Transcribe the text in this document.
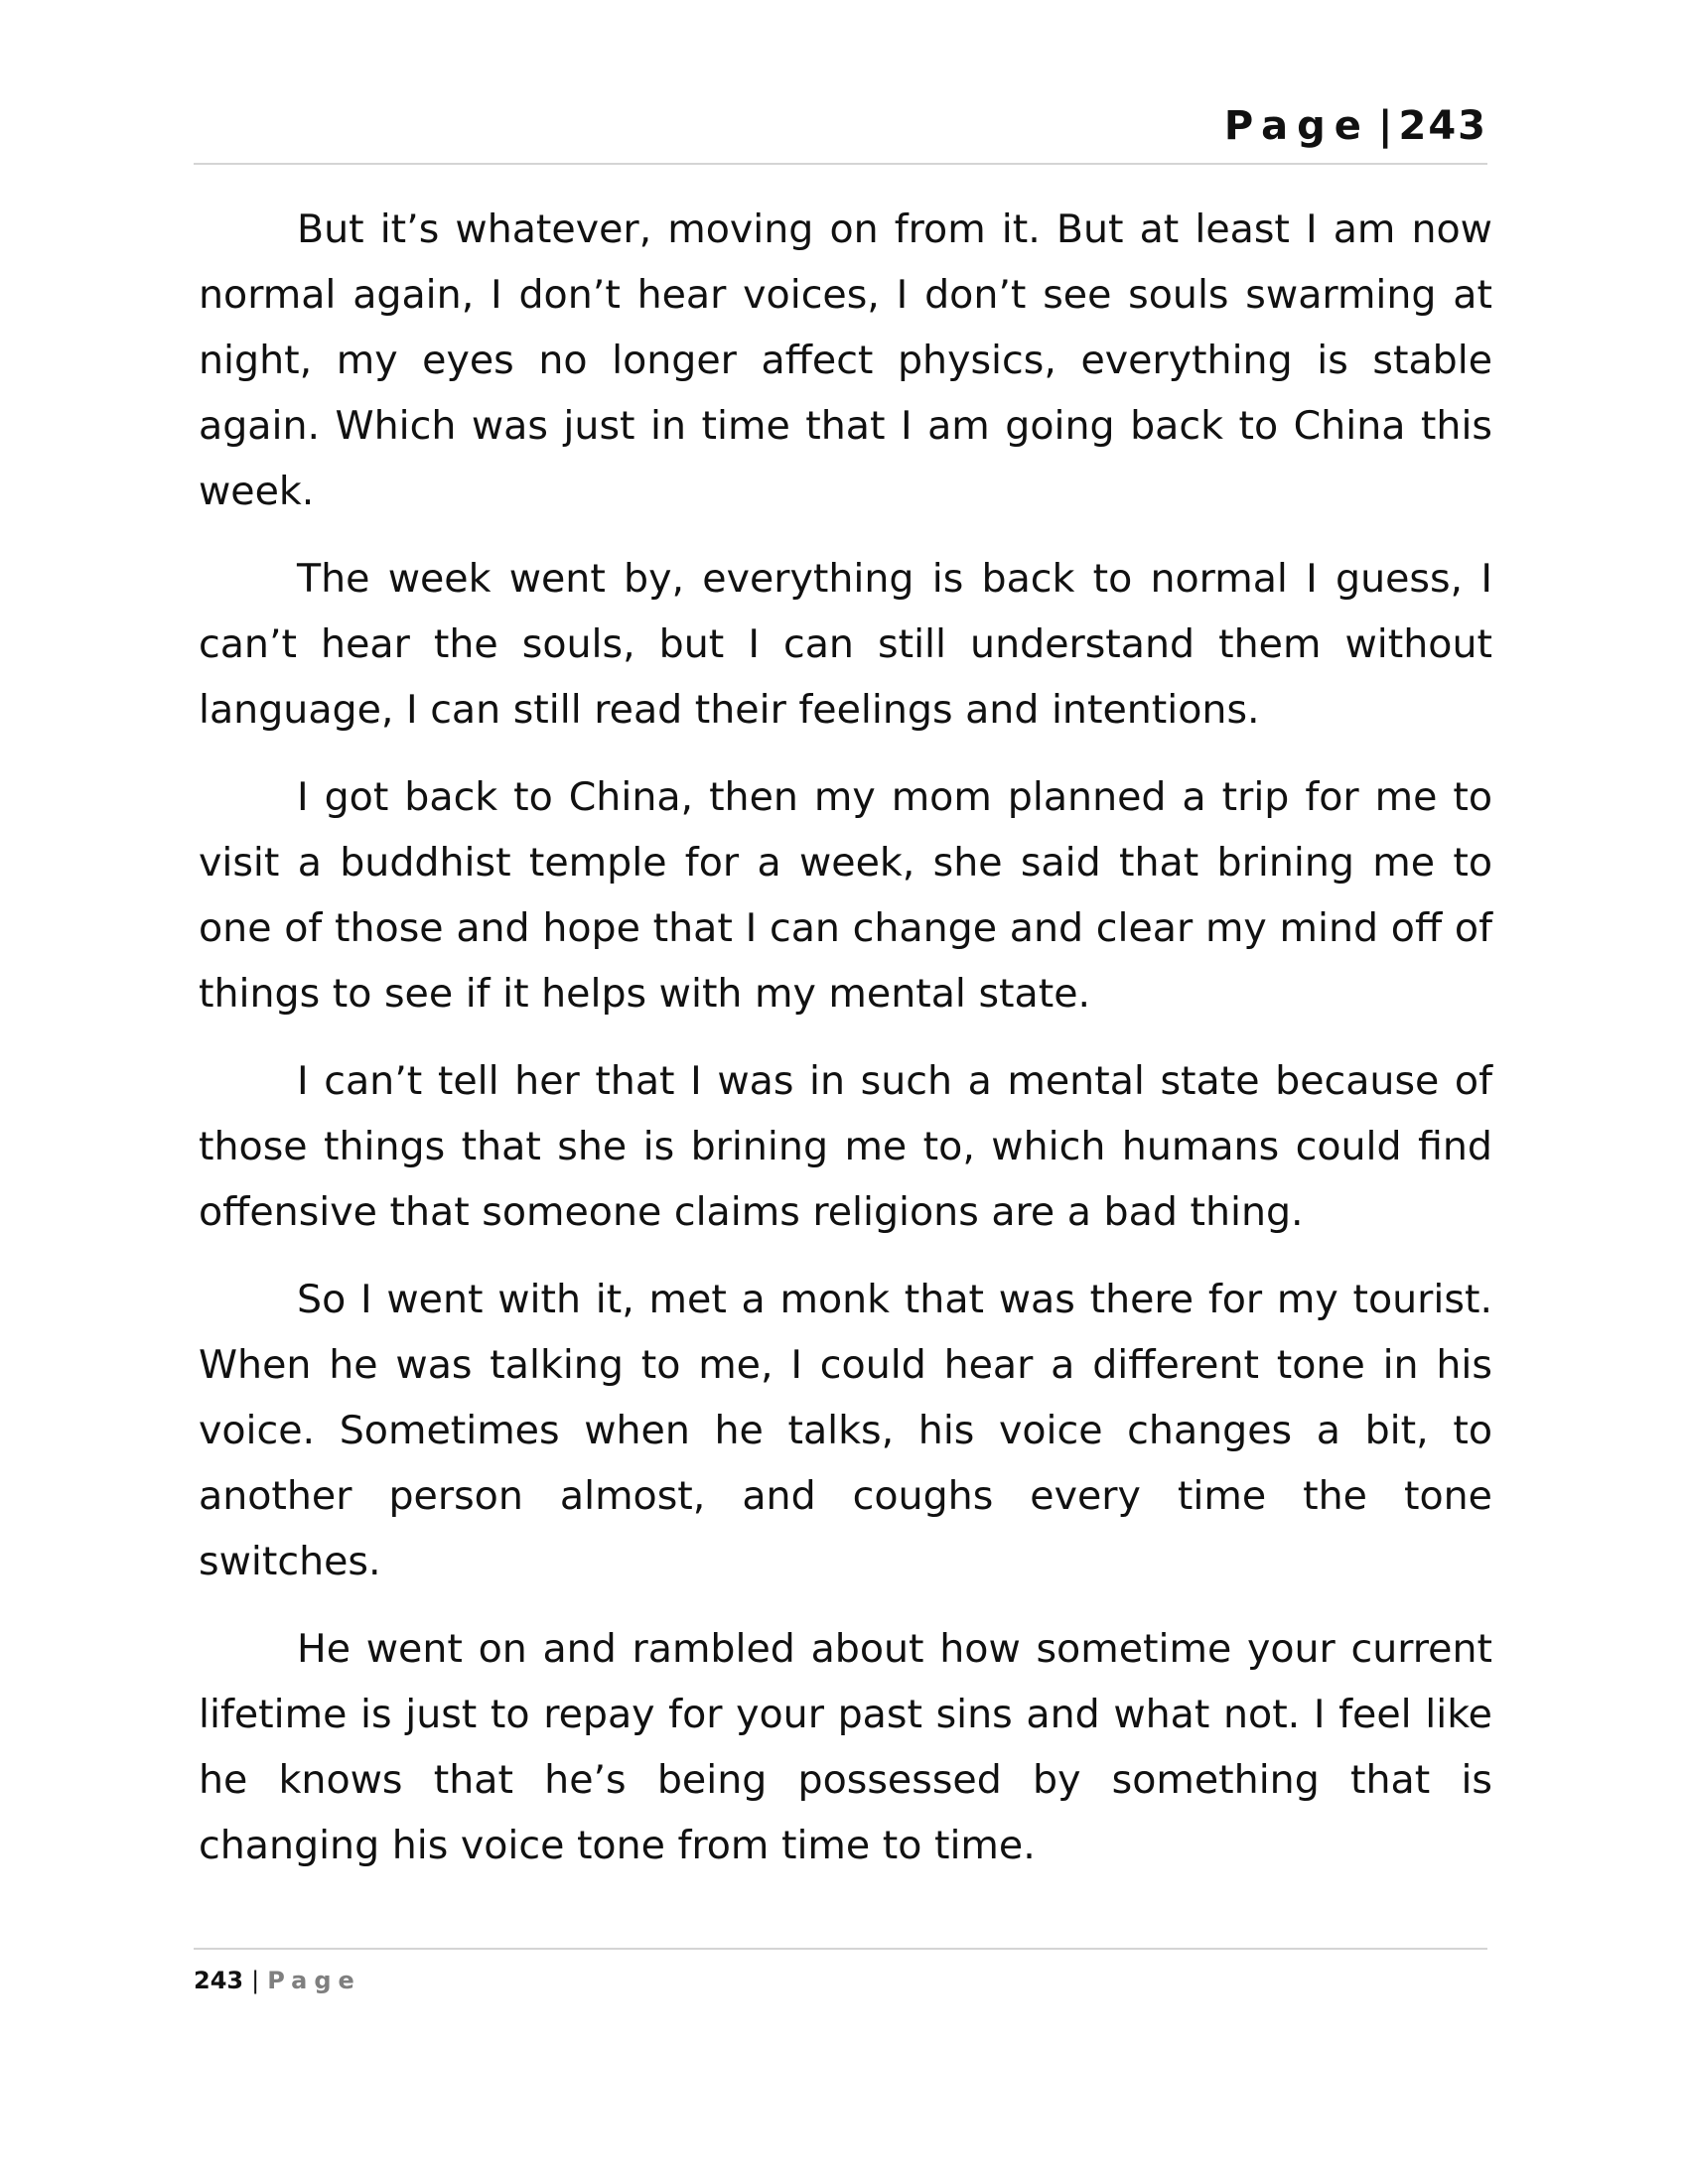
Page | 243

But it’s whatever, moving on from it. But at least I am now normal again, I don’t hear voices, I don’t see souls swarming at night, my eyes no longer affect physics, everything is stable again. Which was just in time that I am going back to China this week.

The week went by, everything is back to normal I guess, I can’t hear the souls, but I can still understand them without language, I can still read their feelings and intentions.

I got back to China, then my mom planned a trip for me to visit a buddhist temple for a week, she said that brining me to one of those and hope that I can change and clear my mind off of things to see if it helps with my mental state.

I can’t tell her that I was in such a mental state because of those things that she is brining me to, which humans could find offensive that someone claims religions are a bad thing.

So I went with it, met a monk that was there for my tourist. When he was talking to me, I could hear a different tone in his voice. Sometimes when he talks, his voice changes a bit, to another person almost, and coughs every time the tone switches.

He went on and rambled about how sometime your current lifetime is just to repay for your past sins and what not. I feel like he knows that he’s being possessed by something that is changing his voice tone from time to time.

243 | Page
